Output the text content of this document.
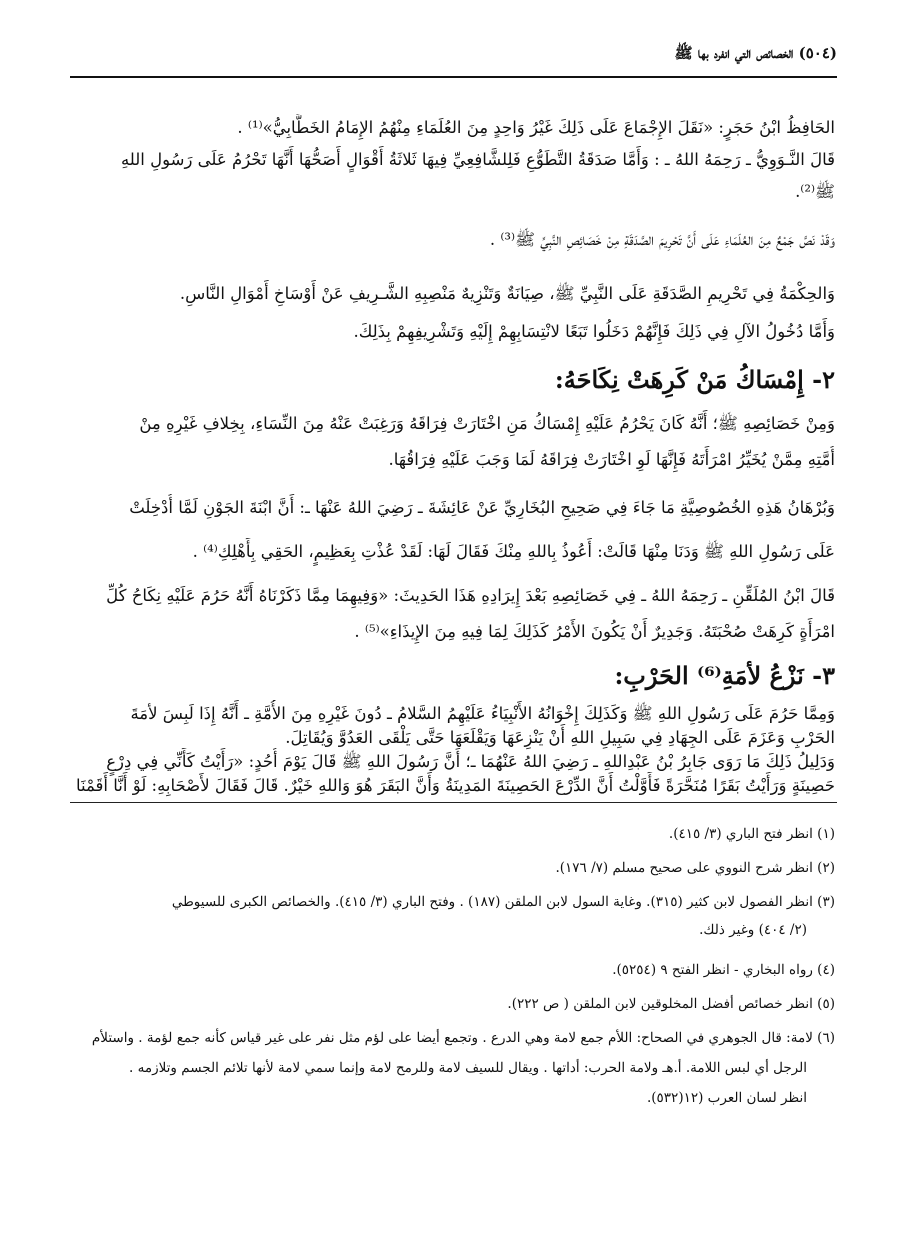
(٥٠٤) الخصائص التي انفرد بها ﷺ
الحَافِظُ ابْنُ حَجَرٍ: «نَقَلَ الإِجْمَاعَ عَلَى ذَلِكَ غَيْرُ وَاحِدٍ مِنَ العُلَمَاءِ مِنْهُمُ الإِمَامُ الخَطَّابِيُّ»⁽¹⁾ .
قَالَ النَّـوَوِيُّ ـ رَحِمَهُ اللهُ ـ : وَأَمَّا صَدَقَةُ التَّطَوُّعِ فَلِلشَّافِعِيِّ فِيهَا ثَلاثَةُ أَقْوَالٍ أَصَحُّهَا أَنَّهَا تَحْرُمُ عَلَى رَسُولِ اللهِ
ﷺ⁽²⁾.
وَقَدْ نَصَّ جَمْعٌ مِنَ العُلَمَاءِ عَلَى أَنَّ تَحْرِيمَ الصَّدَقَةِ مِنْ خَصَائِصِ النَّبِيِّ ﷺ⁽³⁾ .
وَالحِكْمَةُ فِي تَحْرِيمِ الصَّدَقَةِ عَلَى النَّبِيِّ ﷺ، صِيَانَةٌ وَتَنْزِيهٌ مَنْصِبِهِ الشَّـرِيفِ عَنْ أَوْسَاخِ أَمْوَالِ النَّاسِ.
وَأَمَّا دُخُولُ الآلِ فِي ذَلِكَ فَإِنَّهُمْ دَخَلُوا تَبَعًا لانْتِسَابِهِمْ إِلَيْهِ وَتَشْرِيفِهِمْ بِذَلِكَ.
٢- إِمْسَاكُ مَنْ كَرِهَتْ نِكَاحَهُ:
وَمِنْ خَصَائِصِهِ ﷺ؛ أَنَّهُ كَانَ يَحْرُمُ عَلَيْهِ إِمْسَاكُ مَنِ اخْتَارَتْ فِرَاقَهُ وَرَغِبَتْ عَنْهُ مِنَ النِّسَاءِ، بِخِلافِ غَيْرِهِ مِنْ
أُمَّتِهِ مِمَّنْ يُخَيِّرُ امْرَأَتَهُ فَإِنَّهَا لَوِ اخْتَارَتْ فِرَاقَهُ لَمَا وَجَبَ عَلَيْهِ فِرَاقُهَا.
وَبُرْهَانُ هَذِهِ الخُصُوصِيَّةِ مَا جَاءَ فِي صَحِيحِ البُخَارِيِّ عَنْ عَائِشَةَ ـ رَضِيَ اللهُ عَنْهَا ـ: أَنَّ ابْنَةَ الجَوْنِ لَمَّا أُدْخِلَتْ
عَلَى رَسُولِ اللهِ ﷺ وَدَنَا مِنْهَا قَالَتْ: أَعُوذُ بِاللهِ مِنْكَ فَقَالَ لَهَا: لَقَدْ عُذْتِ بِعَظِيمٍ، الحَقِي بِأَهْلِكِ⁽⁴⁾ .
قَالَ ابْنُ المُلَقِّنِ ـ رَحِمَهُ اللهُ ـ فِي خَصَائِصِهِ بَعْدَ إِيرَادِهِ هَذَا الحَدِيثَ: «وَفِيهِمَا مِمَّا ذَكَرْنَاهُ أَنَّهُ حَرُمَ عَلَيْهِ نِكَاحُ كُلِّ
امْرَأَةٍ كَرِهَتْ صُحْبَتَهُ. وَجَدِيرٌ أَنْ يَكُونَ الأَمْرُ كَذَلِكَ لِمَا فِيهِ مِنَ الإِيذَاءِ»⁽⁵⁾ .
٣- نَزْعُ لأمَةِ⁽⁶⁾ الحَرْبِ:
وَمِمَّا حَرُمَ عَلَى رَسُولِ اللهِ ﷺ وَكَذَلِكَ إِخْوَانُهُ الأَنْبِيَاءُ عَلَيْهِمُ السَّلامُ ـ دُونَ غَيْرِهِ مِنَ الأُمَّةِ ـ أَنَّهُ إِذَا لَبِسَ لأمَةَ
الحَرْبِ وَعَزَمَ عَلَى الجِهَادِ فِي سَبِيلِ اللهِ أَنْ يَنْزِعَهَا وَيَقْلَعَهَا حَتَّى يَلْقَى العَدُوَّ وَيُقَاتِلَ.
(١) انظر فتح الباري (٣/ ٤١٥).
(٢) انظر شرح النووي على صحيح مسلم (٧/ ١٧٦).
(٣) انظر الفصول لابن كثير (٣١٥). وغاية السول لابن الملقن (١٨٧) . وفتح الباري (٣/ ٤١٥). والخصائص الكبرى للسيوطي
(٢/ ٤٠٤) وغير ذلك.
(٤) رواه البخاري - انظر الفتح ٩ (٥٢٥٤).
(٥) انظر خصائص أفضل المخلوقين لابن الملقن ( ص ٢٢٢).
(٦) لامة: قال الجوهري في الصحاح: اللأم جمع لامة وهي الدرع . وتجمع أيضا على لؤم مثل نفر على غير قياس كأنه جمع لؤمة . واستلأم
الرجل أي لبس اللامة. أ.هـ ولامة الحرب: أداتها . ويقال للسيف لامة وللرمح لامة وإنما سمي لامة لأنها تلائم الجسم وتلازمه .
انظر لسان العرب (١٢(٥٣٢).
وَدَلِيلُ ذَلِكَ مَا رَوَى جَابِرُ بْنُ عَبْدِاللهِ ـ رَضِيَ اللهُ عَنْهُمَا ـ؛ أَنَّ رَسُولَ اللهِ ﷺ قَالَ يَوْمَ أُحُدٍ: «رَأَيْتُ كَأَنِّي فِي دِرْعٍ
حَصِينَةٍ وَرَأَيْتُ بَقَرًا مُنَحَّرَةً فَأَوَّلْتُ أَنَّ الدِّرْعَ الحَصِينَةَ المَدِينَةُ وَأَنَّ البَقَرَ هُوَ وَاللهِ خَيْرٌ. قَالَ فَقَالَ لأَصْحَابِهِ: لَوْ أَنَّا أَقَمْنَا
